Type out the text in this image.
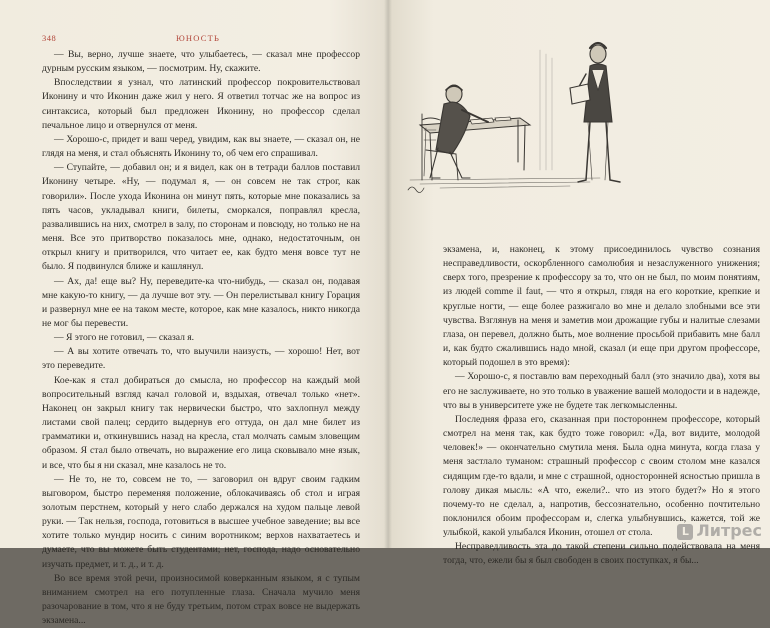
348	ЮНОСТЬ

— Вы, верно, лучше знаете, что улыбаетесь, — сказал мне профессор дурным русским языком, — посмотрим. Ну, скажите.

Впоследствии я узнал, что латинский профессор покровительствовал Иконину и что Иконин даже жил у него. Я ответил тотчас же на вопрос из синтаксиса, который был предложен Иконину, но профессор сделал печальное лицо и отвернулся от меня.

— Хорошо-с, придет и ваш черед, увидим, как вы знаете, — сказал он, не глядя на меня, и стал объяснять Иконину то, об чем его спрашивал.

— Ступайте, — добавил он; и я видел, как он в тетради баллов поставил Иконину четыре. «Ну, — подумал я, — он совсем не так строг, как говорили». После ухода Иконина он минут пять, которые мне показались за пять часов, укладывал книги, билеты, сморкался, поправлял кресла, развалившись на них, смотрел в залу, по сторонам и повсюду, но только не на меня. Все это притворство показалось мне, однако, недостаточным, он открыл книгу и притворился, что читает ее, как будто меня вовсе тут не было. Я подвинулся ближе и кашлянул.

— Ах, да! еще вы? Ну, переведите-ка что-нибудь, — сказал он, подавая мне какую-то книгу, — да лучше вот эту. — Он перелистывал книгу Горация и развернул мне ее на таком месте, которое, как мне казалось, никто никогда не мог бы перевести.

— Я этого не готовил, — сказал я.

— А вы хотите отвечать то, что выучили наизусть, — хорошо! Нет, вот это переведите.

Кое-как я стал добираться до смысла, но профессор на каждый мой вопросительный взгляд качал головой и, вздыхая, отвечал только «нет». Наконец он закрыл книгу так нервически быстро, что захлопнул между листами свой палец; сердито выдернув его оттуда, он дал мне билет из грамматики и, откинувшись назад на кресла, стал молчать самым зловещим образом. Я стал было отвечать, но выражение его лица сковывало мне язык, и все, что бы я ни сказал, мне казалось не то.

— Не то, не то, совсем не то, — заговорил он вдруг своим гадким выговором, быстро переменяя положение, облокачиваясь об стол и играя золотым перстнем, который у него слабо держался на худом пальце левой руки. — Так нельзя, господа, готовиться в высшее учебное заведение; вы все хотите только мундир носить с синим воротником; верхов нахватаетесь и думаете, что вы можете быть студентами; нет, господа, надо основательно изучать предмет, и т. д., и т. д.

Во все время этой речи, произносимой коверканным языком, я с тупым вниманием смотрел на его потупленные глаза. Сначала мучило меня разочарование в том, что я не буду третьим, потом страх вовсе не выдержать экзамена...

экзамена, и, наконец, к этому присоединилось чувство сознания несправедливости, оскорбленного самолюбия и незаслуженного унижения; сверх того, презрение к профессору за то, что он не был, по моим понятиям, из людей comme il faut, — что я открыл, глядя на его короткие, крепкие и круглые ногти, — еще более разжигало во мне и делало злобными все эти чувства. Взглянув на меня и заметив мои дрожащие губы и налитые слезами глаза, он перевел, должно быть, мое волнение просьбой прибавить мне балл и, как будто сжалившись надо мной, сказал (и еще при другом профессоре, который подошел в это время):

— Хорошо-с, я поставлю вам переходный балл (это значило два), хотя вы его не заслуживаете, но это только в уважение вашей молодости и в надежде, что вы в университете уже не будете так легкомысленны.

Последняя фраза его, сказанная при постороннем профессоре, который смотрел на меня так, как будто тоже говорил: «Да, вот видите, молодой человек!» — окончательно смутила меня. Была одна минута, когда глаза у меня застлало туманом: страшный профессор с своим столом мне казался сидящим где-то вдали, и мне с страшной, односторонней ясностью пришла в голову дикая мысль: «А что, ежели?.. что из этого будет?» Но я этого почему-то не сделал, а, напротив, бессознательно, особенно почтительно поклонился обоим профессорам и, слегка улыбнувшись, кажется, той же улыбкой, какой улыбался Иконин, отошел от стола.

Несправедливость эта до такой степени сильно подействовала на меня тогда, что, ежели бы я был свободен в своих поступках, я бы...

L Литрес
